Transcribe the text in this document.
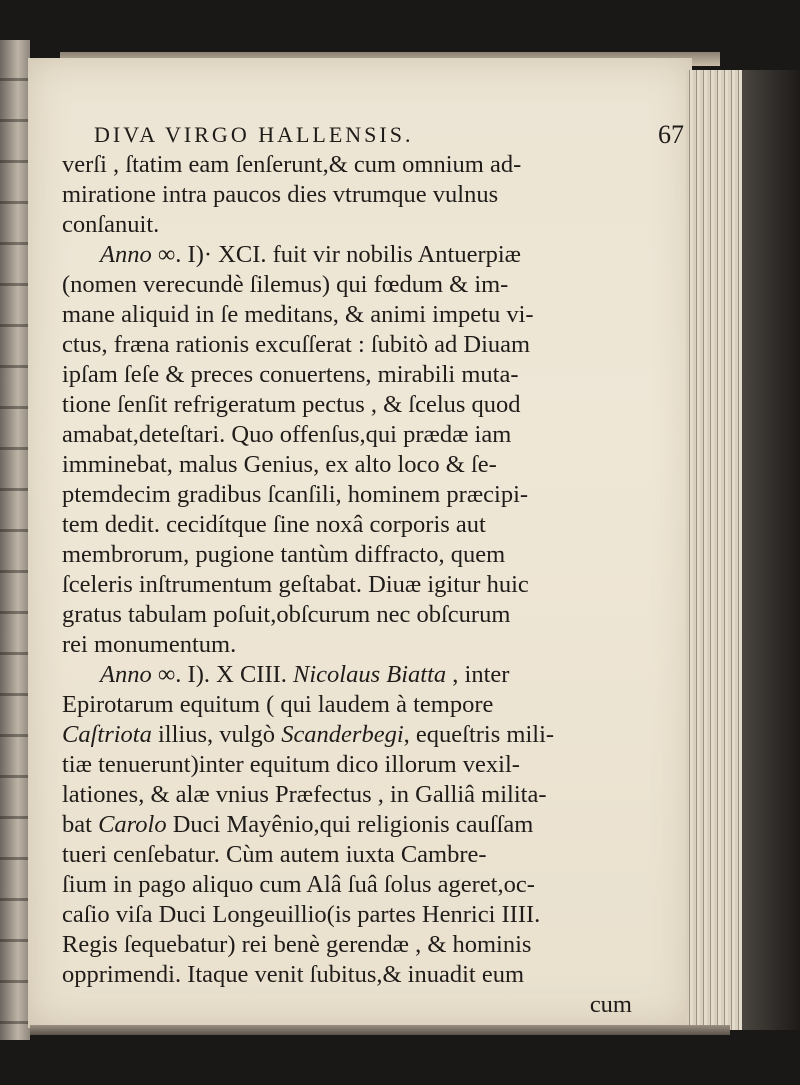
DIVA VIRGO HALLENSIS.	67
verſi , ſtatim eam ſenſerunt,& cum omnium ad-
miratione intra paucos dies vtrumque vulnus
conſanuit.
Anno ∞. I)· XCI. fuit vir nobilis Antuerpiæ
(nomen verecundè ſilemus) qui fœdum & im-
mane aliquid in ſe meditans, & animi impetu vi-
ctus, fræna rationis excuſſerat : ſubitò ad Diuam
ipſam ſeſe & preces conuertens, mirabili muta-
tione ſenſit refrigeratum pectus , & ſcelus quod
amabat,deteſtari. Quo offenſus,qui prædæ iam
imminebat, malus Genius, ex alto loco & ſe-
ptemdecim gradibus ſcanſili, hominem præcipi-
tem dedit. cecidítque ſine noxâ corporis aut
membrorum, pugione tantùm diffracto, quem
ſceleris inſtrumentum geſtabat. Diuæ igitur huic
gratus tabulam poſuit,obſcurum nec obſcurum
rei monumentum.
Anno ∞. I). X CIII. Nicolaus Biatta , inter
Epirotarum equitum ( qui laudem à tempore
Caſtriota illius, vulgò Scanderbegi, equeſtris mili-
tiæ tenuerunt)inter equitum dico illorum vexil-
lationes, & alæ vnius Præfectus , in Galliâ milita-
bat Carolo Duci Mayênio,qui religionis cauſſam
tueri cenſebatur. Cùm autem iuxta Cambre-
ſium in pago aliquo cum Alâ ſuâ ſolus ageret,oc-
caſio viſa Duci Longeuillio(is partes Henrici IIII.
Regis ſequebatur) rei benè gerendæ , & hominis
opprimendi. Itaque venit ſubitus,& inuadit eum
cum
